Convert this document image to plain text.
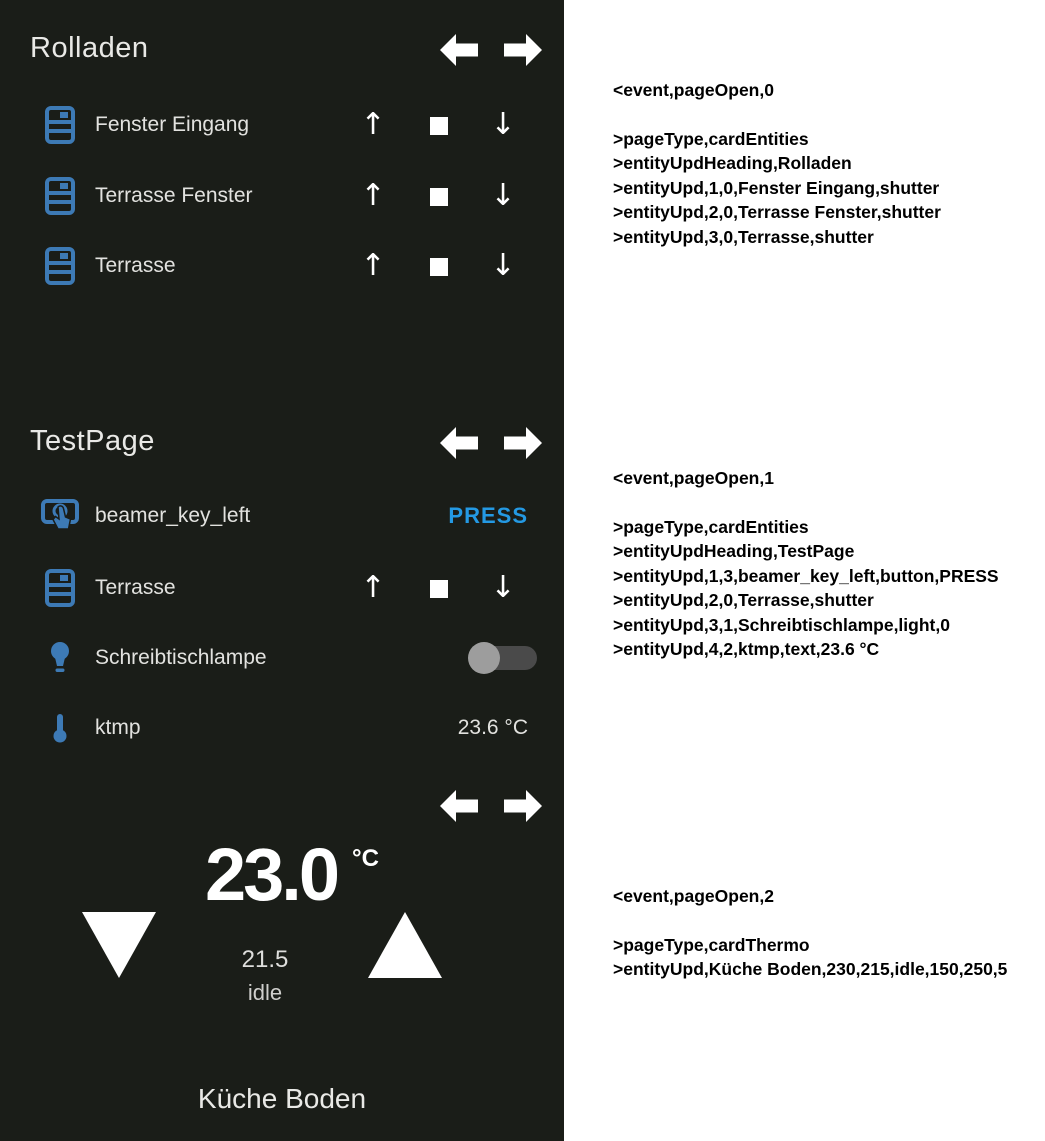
Rolladen
Fenster Eingang	↑	↓
Terrasse Fenster	↑	↓
Terrasse	↑	↓
TestPage
beamer_key_left	PRESS
Terrasse	↑	↓
Schreibtischlampe
ktmp	23.6 °C
23.0 °C
21.5
idle
Küche Boden
<event,pageOpen,0
>pageType,cardEntities
>entityUpdHeading,Rolladen
>entityUpd,1,0,Fenster Eingang,shutter
>entityUpd,2,0,Terrasse Fenster,shutter
>entityUpd,3,0,Terrasse,shutter
<event,pageOpen,1
>pageType,cardEntities
>entityUpdHeading,TestPage
>entityUpd,1,3,beamer_key_left,button,PRESS
>entityUpd,2,0,Terrasse,shutter
>entityUpd,3,1,Schreibtischlampe,light,0
>entityUpd,4,2,ktmp,text,23.6 °C
<event,pageOpen,2
>pageType,cardThermo
>entityUpd,Küche Boden,230,215,idle,150,250,5
